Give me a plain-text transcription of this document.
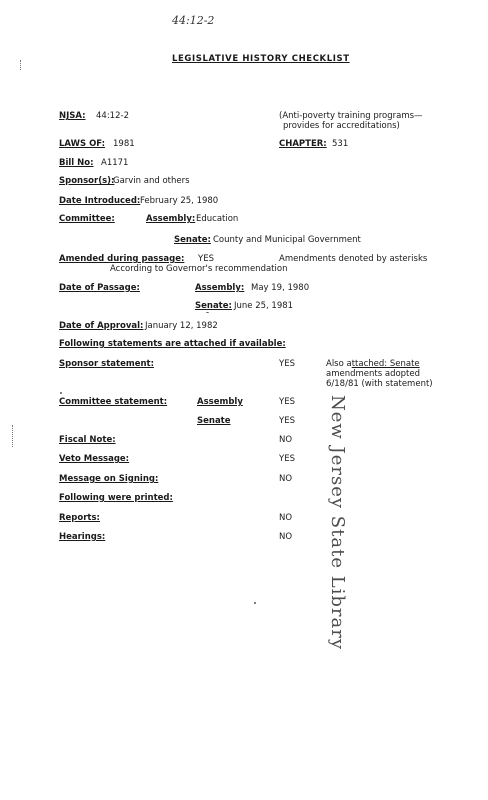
44:12-2
LEGISLATIVE HISTORY CHECKLIST
NJSA: 44:12-2	(Anti-poverty training programs—
provides for accreditations)
LAWS OF: 1981	CHAPTER: 531
Bill No: A1171
Sponsor(s):
Garvin and others
Date Introduced: February 25, 1980
Committee:	Assembly: Education
Senate: County and Municipal Government
Amended during passage: YES	Amendments denoted by asterisks
According to Governor's recommendation
Date of Passage:	Assembly: May 19, 1980
Senate: June 25, 1981
Date of Approval: January 12, 1982
Following statements are attached if available:
Sponsor statement:	YES	Also attached: Senate
amendments adopted
6/18/81 (with statement)
Committee statement:	Assembly	YES
Senate	YES
Fiscal Note:	NO
Veto Message:	YES
Message on Signing:	NO
Following were printed:
Reports:	NO
Hearings:	NO New Jersey State Library
